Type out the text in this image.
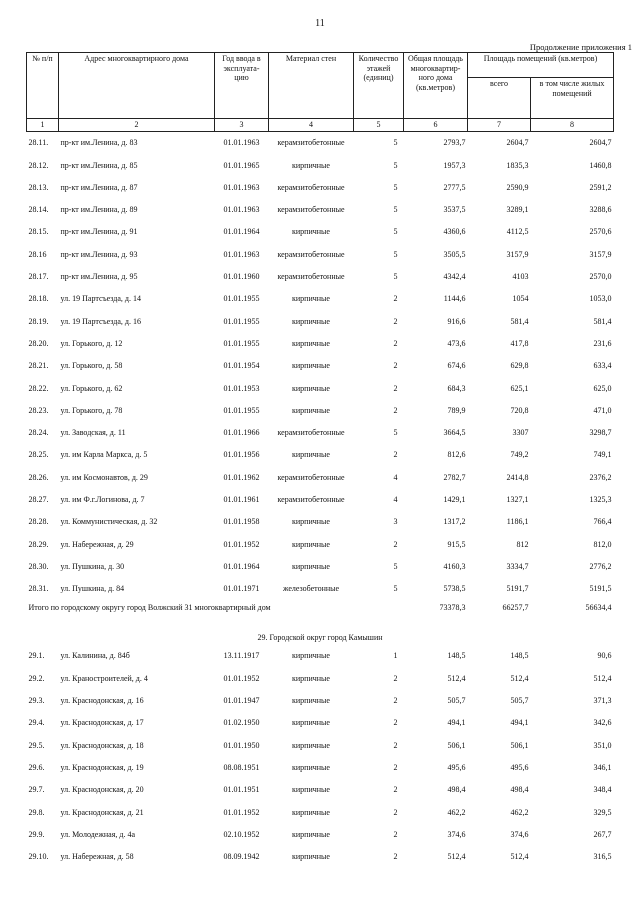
11
Продолжение приложения 1
№ п/п	Адрес многоквартирного дома	Год ввода в эксплуата-цию	Материал стен	Количество этажей (единиц)	Общая площадь многоквартир-ного дома (кв.метров)	Площадь помещений (кв.метров)	
						всего	в том числе жилых помещений
1	2	3	4	5	6	7	8
28.11.	пр-кт им.Ленина, д. 83	01.01.1963	керамзитобетонные	5	2793,7	2604,7	2604,7
28.12.	пр-кт им.Ленина, д. 85	01.01.1965	кирпичные	5	1957,3	1835,3	1460,8
28.13.	пр-кт им.Ленина, д. 87	01.01.1963	керамзитобетонные	5	2777,5	2590,9	2591,2
28.14.	пр-кт им.Ленина, д. 89	01.01.1963	керамзитобетонные	5	3537,5	3289,1	3288,6
28.15.	пр-кт им.Ленина, д. 91	01.01.1964	кирпичные	5	4360,6	4112,5	2570,6
28.16	пр-кт им.Ленина, д. 93	01.01.1963	керамзитобетонные	5	3505,5	3157,9	3157,9
28.17.	пр-кт им.Ленина, д. 95	01.01.1960	керамзитобетонные	5	4342,4	4103	2570,0
28.18.	ул. 19 Партсъезда, д. 14	01.01.1955	кирпичные	2	1144,6	1054	1053,0
28.19.	ул. 19 Партсъезда, д. 16	01.01.1955	кирпичные	2	916,6	581,4	581,4
28.20.	ул. Горького, д. 12	01.01.1955	кирпичные	2	473,6	417,8	231,6
28.21.	ул. Горького, д. 58	01.01.1954	кирпичные	2	674,6	629,8	633,4
28.22.	ул. Горького, д. 62	01.01.1953	кирпичные	2	684,3	625,1	625,0
28.23.	ул. Горького, д. 78	01.01.1955	кирпичные	2	789,9	720,8	471,0
28.24.	ул. Заводская, д. 11	01.01.1966	керамзитобетонные	5	3664,5	3307	3298,7
28.25.	ул. им Карла Маркса, д. 5	01.01.1956	кирпичные	2	812,6	749,2	749,1
28.26.	ул. им Космонавтов, д. 29	01.01.1962	керамзитобетонные	4	2782,7	2414,8	2376,2
28.27.	ул. им Ф.г.Логинова, д. 7	01.01.1961	керамзитобетонные	4	1429,1	1327,1	1325,3
28.28.	ул. Коммунистическая, д. 32	01.01.1958	кирпичные	3	1317,2	1186,1	766,4
28.29.	ул. Набережная, д. 29	01.01.1952	кирпичные	2	915,5	812	812,0
28.30.	ул. Пушкина, д. 30	01.01.1964	кирпичные	5	4160,3	3334,7	2776,2
28.31.	ул. Пушкина, д. 84	01.01.1971	железобетонные	5	5738,5	5191,7	5191,5
Итого по городскому округу город Волжский 31 многоквартирный дом					73378,3	66257,7	56634,4
29. Городской округ город Камышин							
29.1.	ул. Калинина, д. 84б	13.11.1917	кирпичные	1	148,5	148,5	90,6
29.2.	ул. Краностроителей, д. 4	01.01.1952	кирпичные	2	512,4	512,4	512,4
29.3.	ул. Краснодонская, д. 16	01.01.1947	кирпичные	2	505,7	505,7	371,3
29.4.	ул. Краснодонская, д. 17	01.02.1950	кирпичные	2	494,1	494,1	342,6
29.5.	ул. Краснодонская, д. 18	01.01.1950	кирпичные	2	506,1	506,1	351,0
29.6.	ул. Краснодонская, д. 19	08.08.1951	кирпичные	2	495,6	495,6	346,1
29.7.	ул. Краснодонская, д. 20	01.01.1951	кирпичные	2	498,4	498,4	348,4
29.8.	ул. Краснодонская, д. 21	01.01.1952	кирпичные	2	462,2	462,2	329,5
29.9.	ул. Молодежная, д. 4а	02.10.1952	кирпичные	2	374,6	374,6	267,7
29.10.	ул. Набережная, д. 58	08.09.1942	кирпичные	2	512,4	512,4	316,5
